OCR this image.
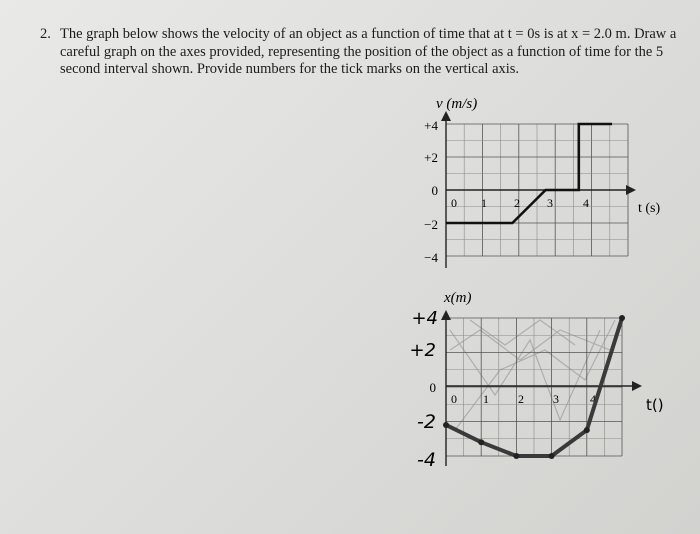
2. The graph below shows the velocity of an object as a function of time that at t = 0s is at x = 2.0 m. Draw a careful graph on the axes provided, representing the position of the object as a function of time for the 5 second interval shown. Provide numbers for the tick marks on the vertical axis.
v (m/s)
t (s)
+4
+2
0
−2
−4
0 1 2 3	4
x(m)
t()
+4
+2
0
-2
-4
0 1 2 3	4
